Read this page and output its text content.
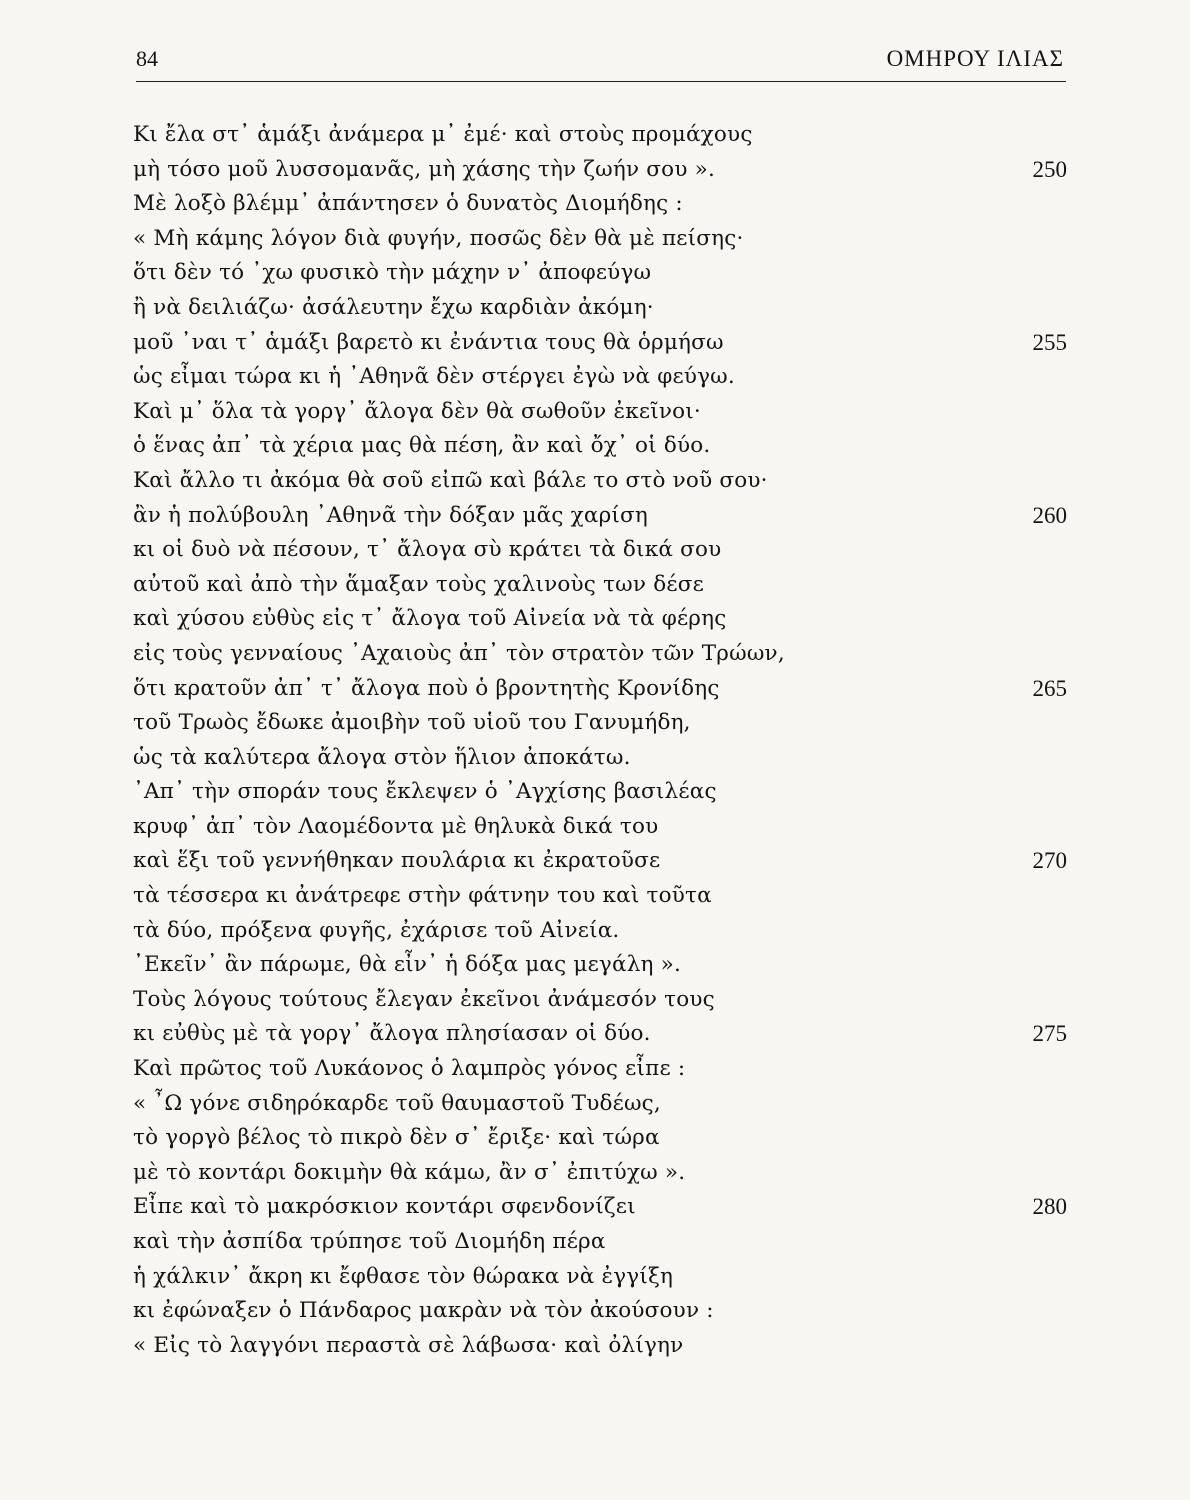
84	ΟΜΗΡΟΥ ΙΛΙΑΣ
Κι ἔλα στ᾽ ἁμάξι ἀνάμερα μ᾽ ἐμέ· καὶ στοὺς προμάχους
μὴ τόσο μοῦ λυσσομανᾶς, μὴ χάσης τὴν ζωήν σου ».	250
Μὲ λοξὸ βλέμμ᾽ ἀπάντησεν ὁ δυνατὸς Διομήδης :
« Μὴ κάμης λόγον διὰ φυγήν, ποσῶς δὲν θὰ μὲ πείσης·
ὅτι δὲν τό ᾽χω φυσικὸ τὴν μάχην ν᾽ ἀποφεύγω
ἢ νὰ δειλιάζω· ἀσάλευτην ἔχω καρδιὰν ἀκόμη·
μοῦ ᾽ναι τ᾽ ἁμάξι βαρετὸ κι ἐνάντια τους θὰ ὁρμήσω	255
ὡς εἶμαι τώρα κι ἡ ᾽Αθηνᾶ δὲν στέργει ἐγὼ νὰ φεύγω.
Καὶ μ᾽ ὅλα τὰ γοργ᾽ ἄλογα δὲν θὰ σωθοῦν ἐκεῖνοι·
ὁ ἕνας ἀπ᾽ τὰ χέρια μας θὰ πέση, ἂν καὶ ὄχ᾽ οἱ δύο.
Καὶ ἄλλο τι ἀκόμα θὰ σοῦ εἰπῶ καὶ βάλε το στὸ νοῦ σου·
ἂν ἡ πολύβουλη ᾽Αθηνᾶ τὴν δόξαν μᾶς χαρίση	260
κι οἱ δυὸ νὰ πέσουν, τ᾽ ἄλογα σὺ κράτει τὰ δικά σου
αὐτοῦ καὶ ἀπὸ τὴν ἅμαξαν τοὺς χαλινοὺς των δέσε
καὶ χύσου εὐθὺς εἰς τ᾽ ἄλογα τοῦ Αἰνεία νὰ τὰ φέρης
εἰς τοὺς γενναίους ᾽Αχαιοὺς ἀπ᾽ τὸν στρατὸν τῶν Τρώων,
ὅτι κρατοῦν ἀπ᾽ τ᾽ ἄλογα ποὺ ὁ βροντητὴς Κρονίδης	265
τοῦ Τρωὸς ἔδωκε ἀμοιβὴν τοῦ υἱοῦ του Γανυμήδη,
ὡς τὰ καλύτερα ἄλογα στὸν ἥλιον ἀποκάτω.
᾽Απ᾽ τὴν σποράν τους ἔκλεψεν ὁ ᾽Αγχίσης βασιλέας
κρυφ᾽ ἀπ᾽ τὸν Λαομέδοντα μὲ θηλυκὰ δικά του
καὶ ἕξι τοῦ γεννήθηκαν πουλάρια κι ἐκρατοῦσε	270
τὰ τέσσερα κι ἀνάτρεφε στὴν φάτνην του καὶ τοῦτα
τὰ δύο, πρόξενα φυγῆς, ἐχάρισε τοῦ Αἰνεία.
᾽Εκεῖν᾽ ἂν πάρωμε, θὰ εἶν᾽ ἡ δόξα μας μεγάλη ».
Τοὺς λόγους τούτους ἔλεγαν ἐκεῖνοι ἀνάμεσόν τους
κι εὐθὺς μὲ τὰ γοργ᾽ ἄλογα πλησίασαν οἱ δύο.	275
Καὶ πρῶτος τοῦ Λυκάονος ὁ λαμπρὸς γόνος εἶπε :
« ῏Ω γόνε σιδηρόκαρδε τοῦ θαυμαστοῦ Τυδέως,
τὸ γοργὸ βέλος τὸ πικρὸ δὲν σ᾽ ἔριξε· καὶ τώρα
μὲ τὸ κοντάρι δοκιμὴν θὰ κάμω, ἂν σ᾽ ἐπιτύχω ».
Εἶπε καὶ τὸ μακρόσκιον κοντάρι σφενδονίζει	280
καὶ τὴν ἀσπίδα τρύπησε τοῦ Διομήδη πέρα
ἡ χάλκιν᾽ ἄκρη κι ἔφθασε τὸν θώρακα νὰ ἐγγίξη
κι ἐφώναξεν ὁ Πάνδαρος μακρὰν νὰ τὸν ἀκούσουν :
« Εἰς τὸ λαγγόνι περαστὰ σὲ λάβωσα· καὶ ὀλίγην
